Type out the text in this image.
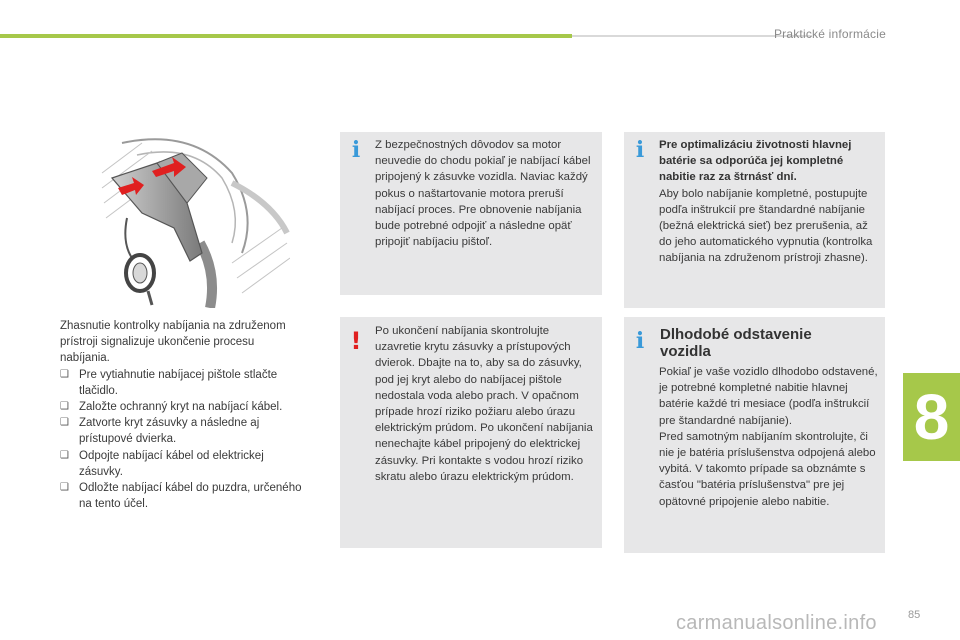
Praktické informácie
8

Zhasnutie kontrolky nabíjania na združenom prístroji signalizuje ukončenie procesu nabíjania.

❑ Pre vytiahnutie nabíjacej pištole stlačte tlačidlo.
❑ Založte ochranný kryt na nabíjací kábel.
❑ Zatvorte kryt zásuvky a následne aj prístupové dvierka.
❑ Odpojte nabíjací kábel od elektrickej zásuvky.
❑ Odložte nabíjací kábel do puzdra, určeného na tento účel.
i	Z bezpečnostných dôvodov sa motor neuvedie do chodu pokiaľ je nabíjací kábel pripojený k zásuvke vozidla. Naviac každý pokus o naštartovanie motora preruší nabíjací proces. Pre obnovenie nabíjania bude potrebné odpojiť a následne opäť pripojiť nabíjaciu pištoľ.

! Po ukončení nabíjania skontrolujte uzavretie krytu zásuvky a prístupových dvierok. Dbajte na to, aby sa do zásuvky, pod jej kryt alebo do nabíjacej pištole nedostala voda alebo prach. V opačnom prípade hrozí riziko požiaru alebo úrazu elektrickým prúdom. Po ukončení nabíjania nenechajte kábel pripojený do elektrickej zásuvky. Pri kontakte s vodou hrozí riziko skratu alebo úrazu elektrickým prúdom.

i	Pre optimalizáciu životnosti hlavnej batérie sa odporúča jej kompletné nabitie raz za štrnásť dní.

Aby bolo nabíjanie kompletné, postupujte podľa inštrukcií pre štandardné nabíjanie (bežná elektrická sieť) bez prerušenia, až do jeho automatického vypnutia (kontrolka nabíjania na združenom prístroji zhasne).

i Dlhodobé odstavenie vozidla

Pokiaľ je vaše vozidlo dlhodobo odstavené, je potrebné kompletné nabitie hlavnej batérie každé tri mesiace (podľa inštrukcií pre štandardné nabíjanie).

Pred samotným nabíjaním skontrolujte, či nie je batéria príslušenstva odpojená alebo vybitá. V takomto prípade sa obznámte s časťou "batéria príslušenstva" pre jej opätovné pripojenie alebo nabitie.

carmanualsonline.info	85
